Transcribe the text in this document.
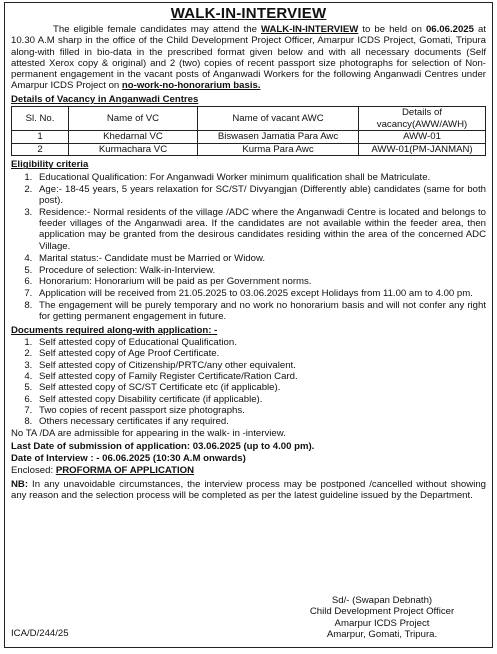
WALK-IN-INTERVIEW

The eligible female candidates may attend the WALK-IN-INTERVIEW to be held on 06.06.2025 at 10.30 A.M sharp in the office of the Child Development Project Officer, Amarpur ICDS Project, Gomati, Tripura along-with filled in bio-data in the prescribed format given below and with all necessary documents (Self attested Xerox copy & original) and 2 (two) copies of recent passport size photographs for selection of Non-permanent engagement in the vacant posts of Anganwadi Workers for the following Anganwadi Centres under Amarpur ICDS Project on no-work-no-honorarium basis.

Details of Vacancy in Anganwadi Centres
Sl. No.	Name of VC	Name of vacant AWC	Details of vacancy(AWW/AWH)
1	Khedarnal VC	Biswasen Jamatia Para Awc	AWW-01
2	Kurmachara VC	Kurma Para Awc	AWW-01(PM-JANMAN)
Eligibility criteria
1. Educational Qualification: For Anganwadi Worker minimum qualification shall be Matriculate.
2. Age:- 18-45 years, 5 years relaxation for SC/ST/ Divyangjan (Differently able) candidates (same for both post).
3. Residence:- Normal residents of the village /ADC where the Anganwadi Centre is located and belongs to feeder villages of the Anganwadi area. If the candidates are not available within the feeder area, then application may be granted from the desirous candidates residing within the area of the concerned ADC Village.
4. Marital status:- Candidate must be Married or Widow.
5. Procedure of selection: Walk-in-Interview.
6. Honorarium: Honorarium will be paid as per Government norms.
7. Application will be received from 21.05.2025 to 03.06.2025 except Holidays from 11.00 am to 4.00 pm.
8. The engagement will be purely temporary and no work no honorarium basis and will not confer any right for getting permanent engagement in future.
Documents required along-with application: -
1. Self attested copy of Educational Qualification.
2. Self attested copy of Age Proof Certificate.
3. Self attested copy of Citizenship/PRTC/any other equivalent.
4. Self attested copy of Family Register Certificate/Ration Card.
5. Self attested copy of SC/ST Certificate etc (if applicable).
6. Self attested copy Disability certificate (if applicable).
7. Two copies of recent passport size photographs.
8. Others necessary certificates if any required.

No TA /DA are admissible for appearing in the walk- in -interview.

Last Date of submission of application: 03.06.2025 (up to 4.00 pm).

Date of Interview : - 06.06.2025 (10:30 A.M onwards)

Enclosed: PROFORMA OF APPLICATION

NB: In any unavoidable circumstances, the interview process may be postponed /cancelled without showing any reason and the selection process will be completed as per the latest guideline issued by the Department.

Sd/- (Swapan Debnath)
Child Development Project Officer
Amarpur ICDS Project
Amarpur, Gomati, Tripura.
ICA/D/244/25
